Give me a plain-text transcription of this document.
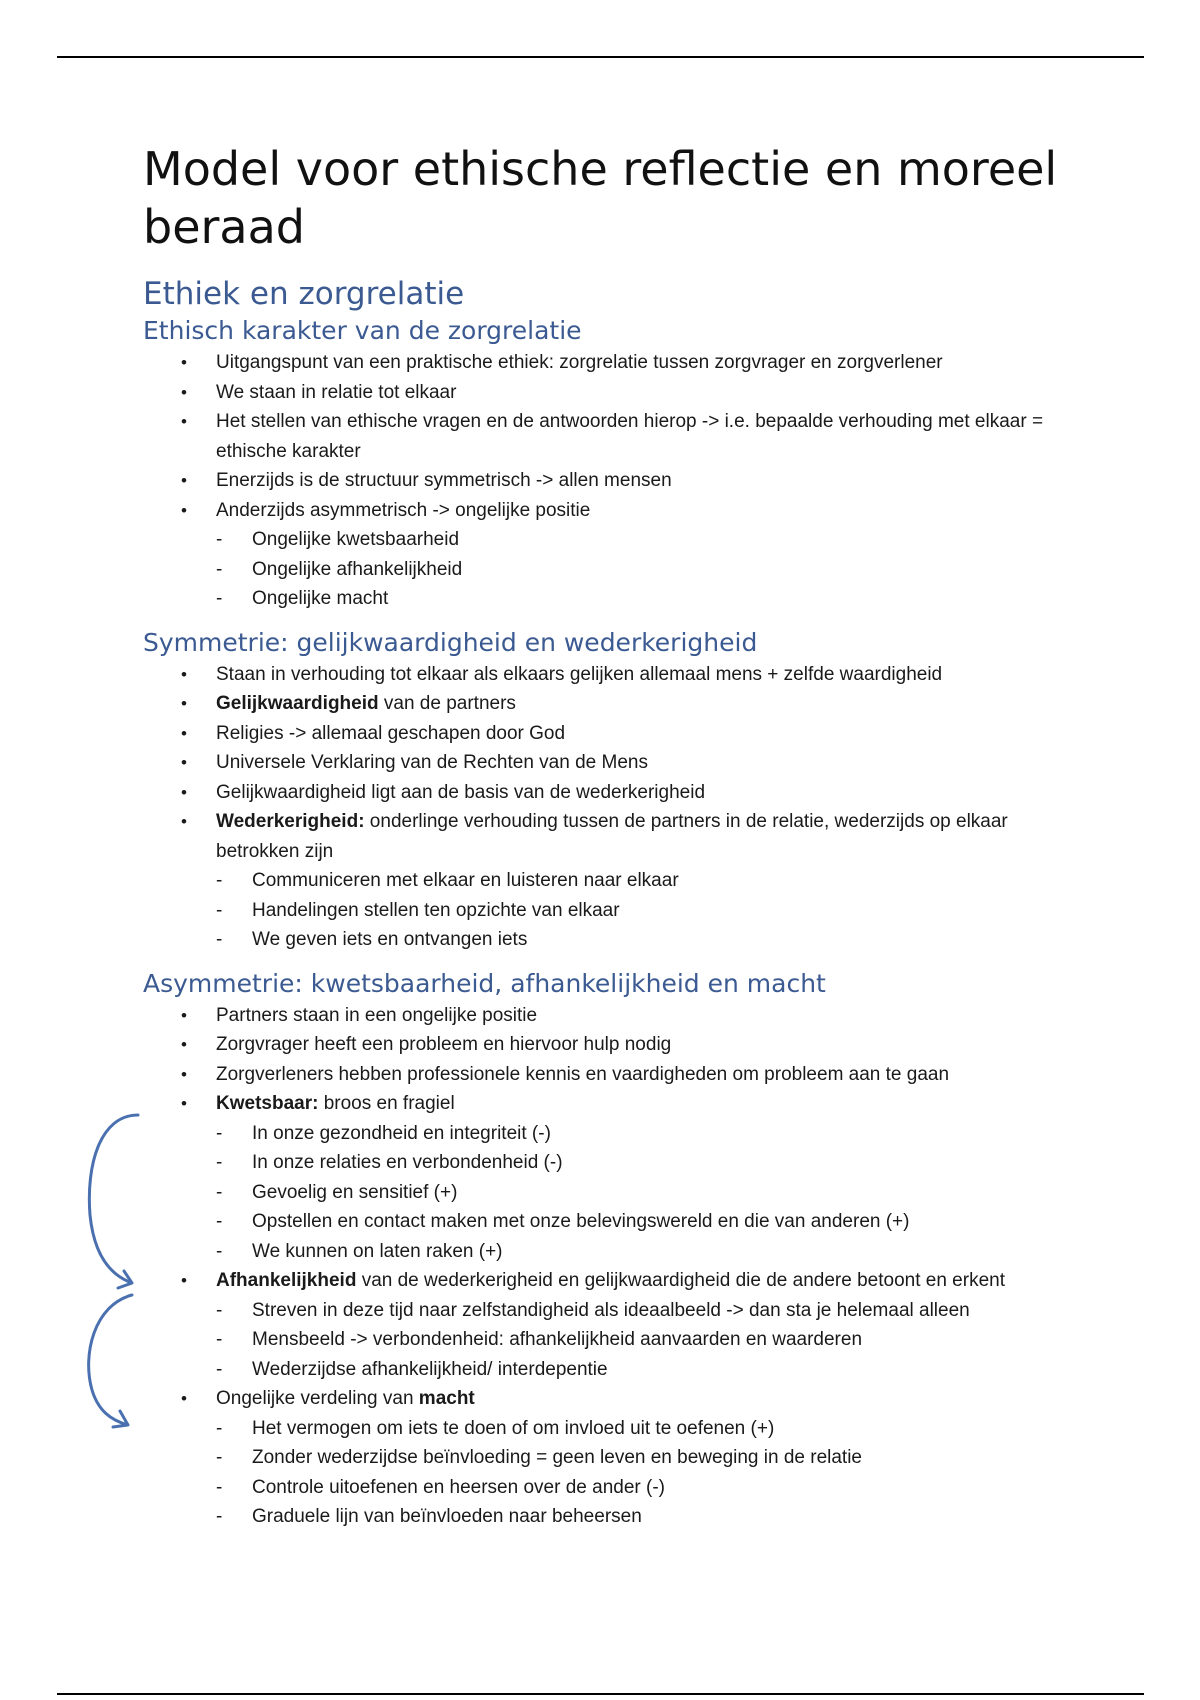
Model voor ethische reflectie en moreel beraad
Ethiek en zorgrelatie
Ethisch karakter van de zorgrelatie
• Uitgangspunt van een praktische ethiek: zorgrelatie tussen zorgvrager en zorgverlener
• We staan in relatie tot elkaar
• Het stellen van ethische vragen en de antwoorden hierop -> i.e. bepaalde verhouding met elkaar = ethische karakter
• Enerzijds is de structuur symmetrisch -> allen mensen
• Anderzijds asymmetrisch -> ongelijke positie
- Ongelijke kwetsbaarheid
- Ongelijke afhankelijkheid
- Ongelijke macht
Symmetrie: gelijkwaardigheid en wederkerigheid
• Staan in verhouding tot elkaar als elkaars gelijken allemaal mens + zelfde waardigheid
• Gelijkwaardigheid van de partners
• Religies -> allemaal geschapen door God
• Universele Verklaring van de Rechten van de Mens
• Gelijkwaardigheid ligt aan de basis van de wederkerigheid
• Wederkerigheid: onderlinge verhouding tussen de partners in de relatie, wederzijds op elkaar betrokken zijn
- Communiceren met elkaar en luisteren naar elkaar
- Handelingen stellen ten opzichte van elkaar
- We geven iets en ontvangen iets
Asymmetrie: kwetsbaarheid, afhankelijkheid en macht
• Partners staan in een ongelijke positie
• Zorgvrager heeft een probleem en hiervoor hulp nodig
• Zorgverleners hebben professionele kennis en vaardigheden om probleem aan te gaan
• Kwetsbaar: broos en fragiel
- In onze gezondheid en integriteit (-)
- In onze relaties en verbondenheid (-)
- Gevoelig en sensitief (+)
- Opstellen en contact maken met onze belevingswereld en die van anderen (+)
- We kunnen on laten raken (+)
• Afhankelijkheid van de wederkerigheid en gelijkwaardigheid die de andere betoont en erkent
- Streven in deze tijd naar zelfstandigheid als ideaalbeeld -> dan sta je helemaal alleen
- Mensbeeld -> verbondenheid: afhankelijkheid aanvaarden en waarderen
- Wederzijdse afhankelijkheid/ interdepentie
• Ongelijke verdeling van macht
- Het vermogen om iets te doen of om invloed uit te oefenen (+)
- Zonder wederzijdse beïnvloeding = geen leven en beweging in de relatie
- Controle uitoefenen en heersen over de ander (-)
- Graduele lijn van beïnvloeden naar beheersen
